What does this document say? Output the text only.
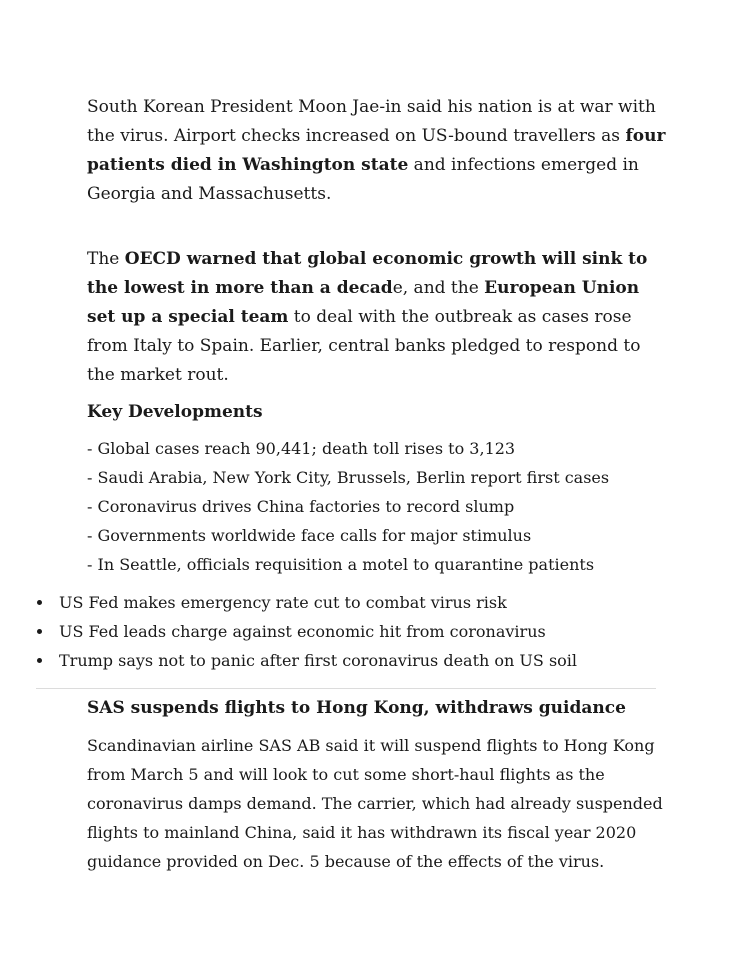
South Korean President Moon Jae-in said his nation is at war with the virus. Airport checks increased on US-bound travellers as four patients died in Washington state and infections emerged in Georgia and Massachusetts.

The OECD warned that global economic growth will sink to the lowest in more than a decade, and the European Union set up a special team to deal with the outbreak as cases rose from Italy to Spain. Earlier, central banks pledged to respond to the market rout.

Key Developments
- Global cases reach 90,441; death toll rises to 3,123
- Saudi Arabia, New York City, Brussels, Berlin report first cases
- Coronavirus drives China factories to record slump
- Governments worldwide face calls for major stimulus
- In Seattle, officials requisition a motel to quarantine patients
US Fed makes emergency rate cut to combat virus risk
US Fed leads charge against economic hit from coronavirus
Trump says not to panic after first coronavirus death on US soil
SAS suspends flights to Hong Kong, withdraws guidance

Scandinavian airline SAS AB said it will suspend flights to Hong Kong from March 5 and will look to cut some short-haul flights as the coronavirus damps demand. The carrier, which had already suspended flights to mainland China, said it has withdrawn its fiscal year 2020 guidance provided on Dec. 5 because of the effects of the virus.
